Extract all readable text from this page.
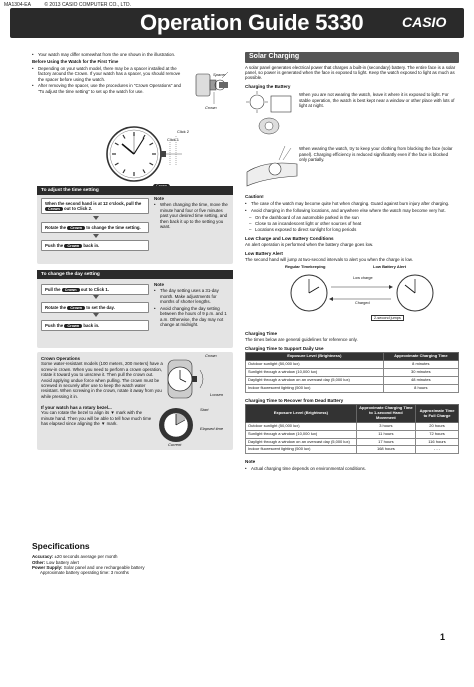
MA1304-EA	© 2013 CASIO COMPUTER CO., LTD.
Operation Guide 5330	CASIO
• Your watch may differ somewhat from the one shown in the illustration.
Before Using the Watch for the First Time
• Depending on your watch model, there may be a spacer installed at the factory around the Crown. If your watch has a spacer, you should remove the spacer before using the watch.
• After removing the spacer, use the procedures in "Crown Operations" and "To adjust the time setting" to set up the watch for use.
Spacer
Crown
Click 2
Click 1
To adjust the time setting
When the second hand is at 12 o'clock, pull the Crown out to Click 2.
Rotate the Crown to change the time setting.
Push the Crown back in.
Note
• When changing the time, move the minute hand four or five minutes past your desired time setting, and then back it up to the setting you want.
To change the day setting
Pull the Crown out to Click 1.
Rotate the Crown to set the day.
Push the Crown back in.
Note
• The day setting uses a 31-day month. Make adjustments for months of shorter lengths.
• Avoid changing the day setting between the hours of 9 p.m. and 1 a.m. Otherwise, the day may not change at midnight.
Crown Operations
Some water-resistant models (100 meters, 200 meters) have a screw-in crown. When you need to perform a crown operation, rotate it toward you to unscrew it. Then pull the crown out. Avoid applying undue force when pulling. The crown must be screwed in securely after use to keep the watch water resistant. When screwing in the crown, rotate it away from you while pressing it in.
If your watch has a rotary bezel...
You can rotate the bezel to align its ▼ mark with the minute hand. Then you will be able to tell how much time has elapsed since aligning the ▼ mark.
Crown
Loosen
Start
Elapsed time
Current
Specifications
Accuracy: ±20 seconds average per month
Other: Low battery alert
Power Supply: Solar panel and one rechargeable battery
Approximate battery operating time: 3 months
Solar Charging
A solar panel generates electrical power that charges a built-in (secondary) battery. The entire face is a solar panel, so power is generated when the face is exposed to light. Keep the watch exposed to light as much as possible.
Charging the Battery
When you are not wearing the watch, leave it where it is exposed to light. For stable operation, the watch is best kept near a window or other place with lots of light at night.
When wearing the watch, try to keep your clothing from blocking the face (solar panel). Charging efficiency is reduced significantly even if the face is blocked only partially.
Caution!
• The case of the watch may become quite hot when charging. Guard against burn injury after charging.
• Avoid charging in the following locations, and anywhere else where the watch may become very hot.
– On the dashboard of an automobile parked in the sun
– Close to an incandescent light or other sources of heat
– Locations exposed to direct sunlight for long periods
Low Charge and Low Battery Conditions
An alert operation is performed when the battery charge goes low.
Low Battery Alert
The second hand will jump at two-second intervals to alert you when the charge is low.
Regular Timekeeping	Low Battery Alert
Low charge
Charged
2-second jumps
Charging Time
The times below are general guidelines for reference only.
Charging Time to Support Daily Use
Exposure Level (Brightness)	Approximate Charging Time
Outdoor sunlight (50,000 lux)	8 minutes
Sunlight through a window (10,000 lux)	30 minutes
Daylight through a window on an overcast day (5,000 lux)	48 minutes
Indoor fluorescent lighting (500 lux)	8 hours
Charging Time to Recover from Dead Battery
Exposure Level (Brightness)	Approximate Charging Time to 1-second Hand Movement	Approximate Time to Full Charge
Outdoor sunlight (50,000 lux)	3 hours	20 hours
Sunlight through a window (10,000 lux)	11 hours	72 hours
Daylight through a window on an overcast day (5,000 lux)	17 hours	116 hours
Indoor fluorescent lighting (500 lux)	168 hours	- - -
Note
• Actual charging time depends on environmental conditions.
1
